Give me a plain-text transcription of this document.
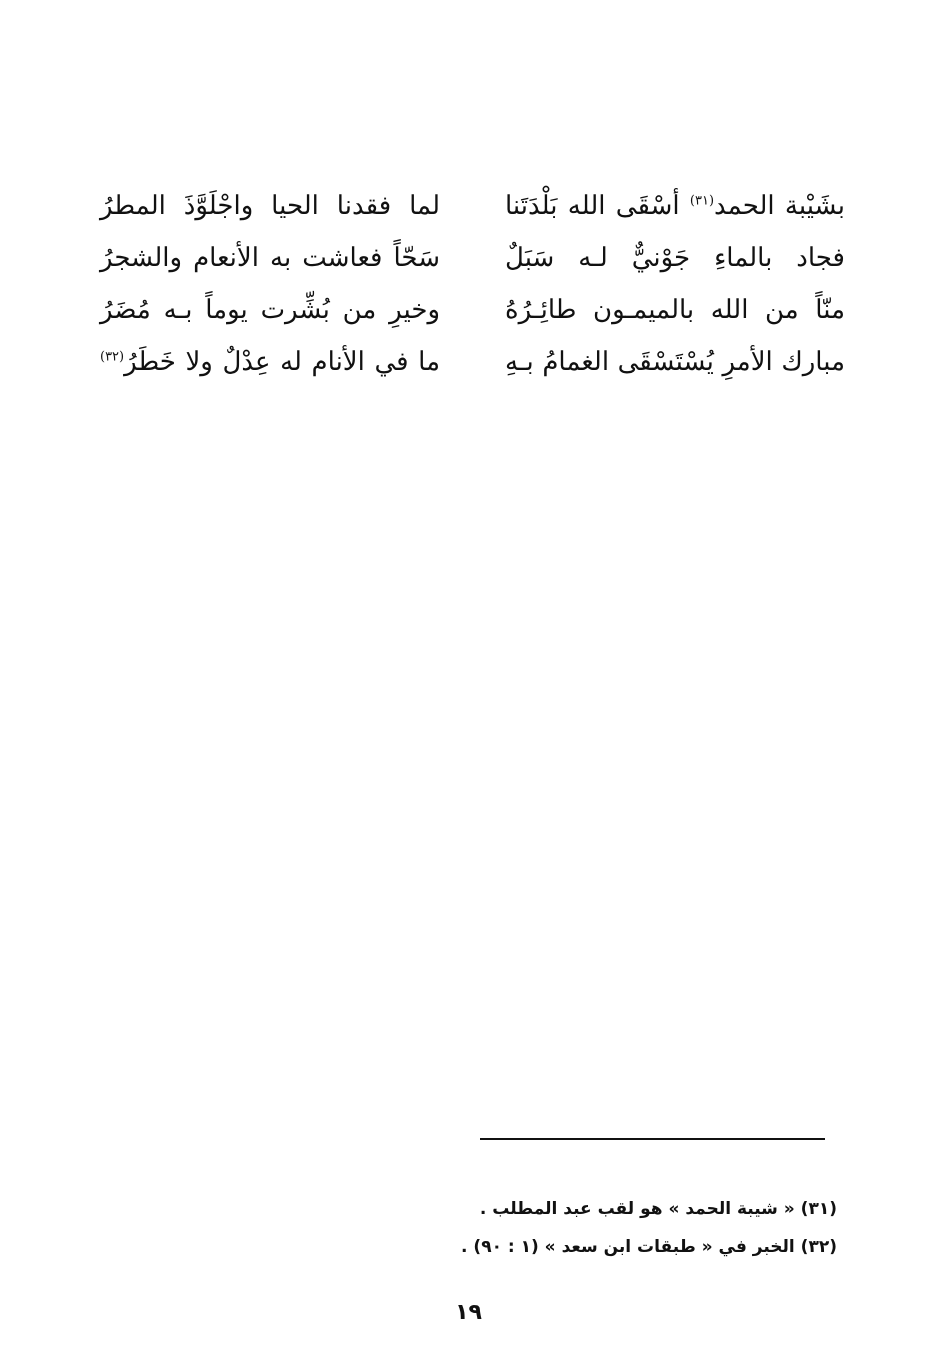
بشَيْبة الحمد$^{(٣١)}$ أسْقَى الله بَلْدَتَنا
لما فقدنا الحيا واجْلَوَّذَ المطرُ
فجاد بالماءِ جَوْنيٌّ لـه سَبَلٌ
سَحّاً فعاشت به الأنعام والشجرُ
منّاً من الله بالميمـون طائِـرُهُ
وخيرِ من بُشِّرت يوماً بـه مُضَرُ
مبارك الأمرِ يُسْتَسْقَى الغمامُ بـهِ
ما في الأنام له عِدْلٌ ولا خَطَرُ$^{(٣٢)}$
(٣١) « شيبة الحمد » هو لقب عبد المطلب .
(٣٢) الخبر في « طبقات ابن سعد » (١ : ٩٠) .
١٩
